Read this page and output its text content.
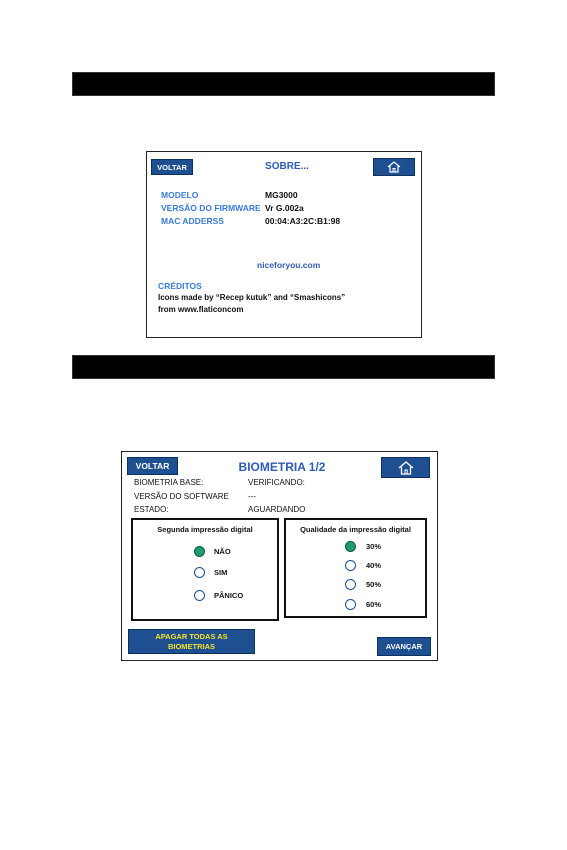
VOLTAR	SOBRE...
MODELO	MG3000
VERSÃO DO FIRMWARE Vr G.002a
MAC ADDERSS	00:04:A3:2C:B1:98
niceforyou.com
CRÉDITOS
Icons made by “Recep kutuk” and “Smashicons”
from www.flaticoncom
VOLTAR	BIOMETRIA 1/2
BIOMETRIA BASE:	VERIFICANDO:
VERSÃO DO SOFTWARE ---
ESTADO:	AGUARDANDO
Segunda impressão digital
NÃO
SIM
PÂNICO
Qualidade da impressão digital
30%
40%
50%
60%
APAGAR TODAS AS
BIOMETRIAS	AVANÇAR
